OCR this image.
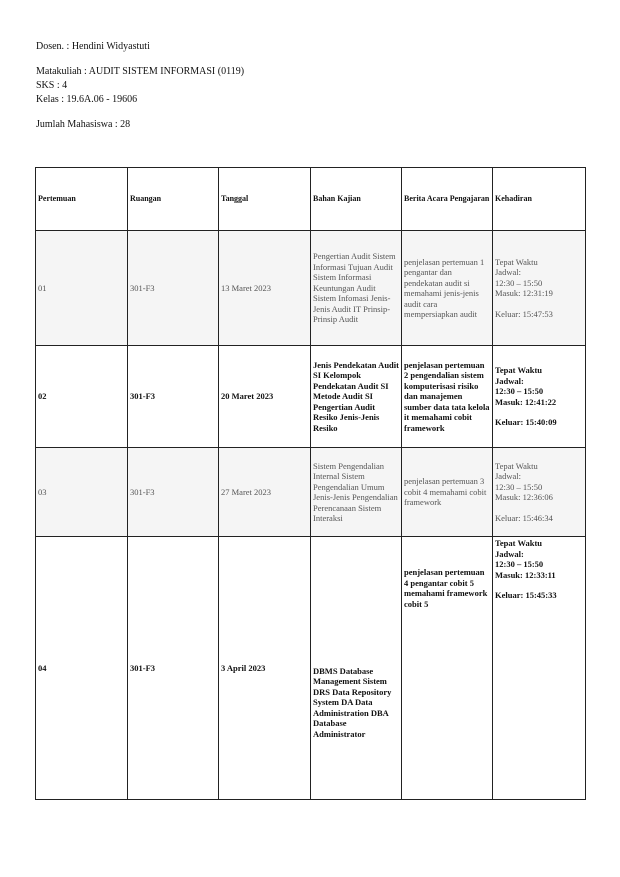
Dosen. : Hendini Widyastuti
Matakuliah : AUDIT SISTEM INFORMASI (0119)
SKS : 4
Kelas : 19.6A.06 - 19606
Jumlah Mahasiswa : 28
Pertemuan	Ruangan	Tanggal	Bahan Kajian	Berita Acara Pengajaran	Kehadiran
01	301-F3	13 Maret 2023	Pengertian Audit Sistem Informasi Tujuan Audit Sistem Informasi Keuntungan Audit Sistem Infomasi Jenis-Jenis Audit IT Prinsip-Prinsip Audit	penjelasan pertemuan 1 pengantar dan pendekatan audit si memahami jenis-jenis audit cara mempersiapkan audit	Tepat Waktu
Jadwal:
12:30 – 15:50
Masuk: 12:31:19
Keluar: 15:47:53

02	301-F3	20 Maret 2023	Jenis Pendekatan Audit SI Kelompok Pendekatan Audit SI Metode Audit SI Pengertian Audit Resiko Jenis-Jenis Resiko	penjelasan pertemuan 2 pengendalian sistem komputerisasi risiko dan manajemen sumber data tata kelola it memahami cobit framework	Tepat Waktu
Jadwal:
12:30 – 15:50
Masuk: 12:41:22
Keluar: 15:40:09

03	301-F3	27 Maret 2023	Sistem Pengendalian Internal Sistem Pengendalian Umum Jenis-Jenis Pengendalian Perencanaan Sistem Interaksi	penjelasan pertemuan 3 cobit 4 memahami cobit framework	Tepat Waktu
Jadwal:
12:30 – 15:50
Masuk: 12:36:06
Keluar: 15:46:34

04	301-F3	3 April 2023	DBMS Database Management Sistem DRS Data Repository System DA Data Administration DBA Database Administrator	penjelasan pertemuan 4 pengantar cobit 5 memahami framework cobit 5	Tepat Waktu
Jadwal:
12:30 – 15:50
Masuk: 12:33:11
Keluar: 15:45:33
